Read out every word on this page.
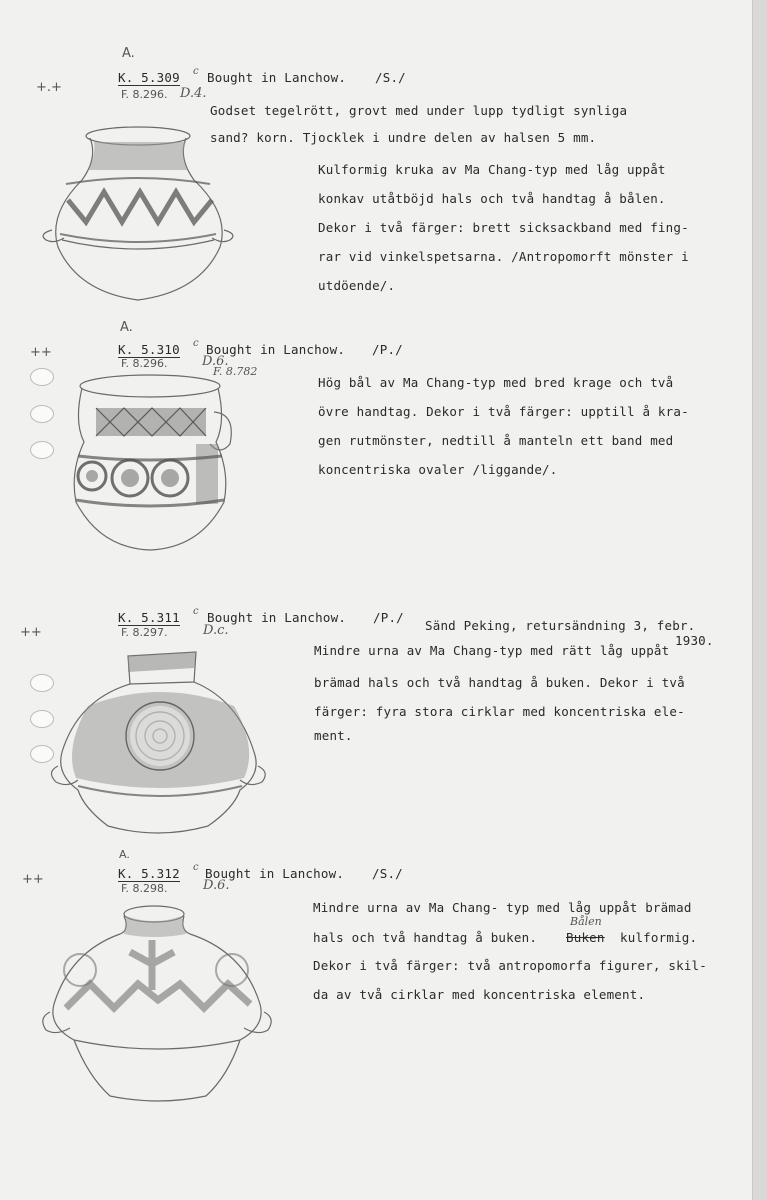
A.
+.+
K. 5.309 c Bought in Lanchow. /S./
F. 8.296. D.4.
Godset tegelrött, grovt med under lupp tydligt synliga
sand? korn. Tjocklek i undre delen av halsen 5 mm.
Kulformig kruka av Ma Chang-typ med låg uppåt
konkav utåtböjd hals och två handtag å bålen.
Dekor i två färger: brett sicksackband med fing-
rar vid vinkelspetsarna. /Antropomorft mönster i
utdöende/.
A.
++	K. 5.310 c Bought in Lanchow. /P./
F. 8.296.	D.6.
F. 8.782
Hög bål av Ma Chang-typ med bred krage och två
övre handtag. Dekor i två färger: upptill å kra-
gen rutmönster, nedtill å manteln ett band med
koncentriska ovaler /liggande/.
++
K. 5.311 c Bought in Lanchow. /P./
Sänd Peking, retursändning 3, febr.
1930.
F. 8.297.	D.c.
Mindre urna av Ma Chang-typ med rätt låg uppåt
brämad hals och två handtag å buken. Dekor i två
färger: fyra stora cirklar med koncentriska ele-
ment.
A.
++	K. 5.312 c Bought in Lanchow. /S./
F. 8.298.	D.6.
Mindre urna av Ma Chang- typ med låg uppåt brämad
hals och två handtag å buken.
Bålen
Buken kulformig.
Dekor i två färger: två antropomorfa figurer, skil-
da av två cirklar med koncentriska element.
